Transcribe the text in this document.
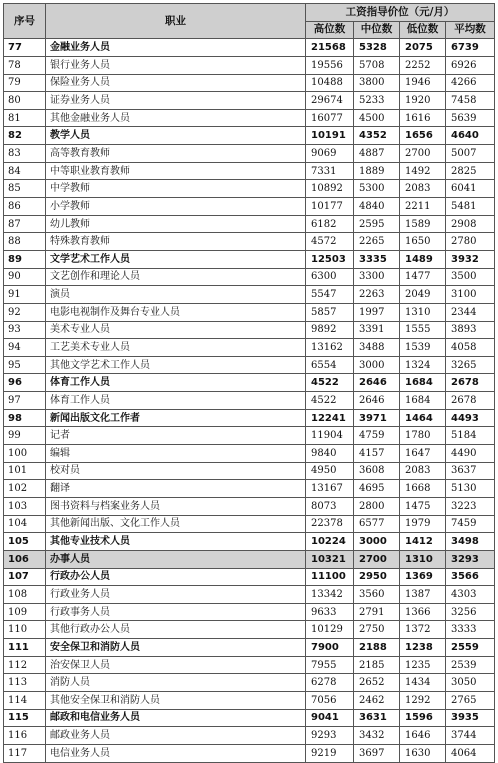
序号	职业	工资指导价位（元/月）			
		高位数	中位数	低位数	平均数
77	金融业务人员	21568	5328	2075	6739
78	银行业务人员	19556	5708	2252	6926
79	保险业务人员	10488	3800	1946	4266
80	证券业务人员	29674	5233	1920	7458
81	其他金融业务人员	16077	4500	1616	5639
82	教学人员	10191	4352	1656	4640
83	高等教育教师	9069	4887	2700	5007
84	中等职业教育教师	7331	1889	1492	2825
85	中学教师	10892	5300	2083	6041
86	小学教师	10177	4840	2211	5481
87	幼儿教师	6182	2595	1589	2908
88	特殊教育教师	4572	2265	1650	2780
89	文学艺术工作人员	12503	3335	1489	3932
90	文艺创作和理论人员	6300	3300	1477	3500
91	演员	5547	2263	2049	3100
92	电影电视制作及舞台专业人员	5857	1997	1310	2344
93	美术专业人员	9892	3391	1555	3893
94	工艺美术专业人员	13162	3488	1539	4058
95	其他文学艺术工作人员	6554	3000	1324	3265
96	体育工作人员	4522	2646	1684	2678
97	体育工作人员	4522	2646	1684	2678
98	新闻出版文化工作者	12241	3971	1464	4493
99	记者	11904	4759	1780	5184
100	编辑	9840	4157	1647	4490
101	校对员	4950	3608	2083	3637
102	翻译	13167	4695	1668	5130
103	图书资料与档案业务人员	8073	2800	1475	3223
104	其他新闻出版、文化工作人员	22378	6577	1979	7459
105	其他专业技术人员	10224	3000	1412	3498
106	办事人员	10321	2700	1310	3293
107	行政办公人员	11100	2950	1369	3566
108	行政业务人员	13342	3560	1387	4303
109	行政事务人员	9633	2791	1366	3256
110	其他行政办公人员	10129	2750	1372	3333
111	安全保卫和消防人员	7900	2188	1238	2559
112	治安保卫人员	7955	2185	1235	2539
113	消防人员	6278	2652	1434	3050
114	其他安全保卫和消防人员	7056	2462	1292	2765
115	邮政和电信业务人员	9041	3631	1596	3935
116	邮政业务人员	9293	3432	1646	3744
117	电信业务人员	9219	3697	1630	4064
